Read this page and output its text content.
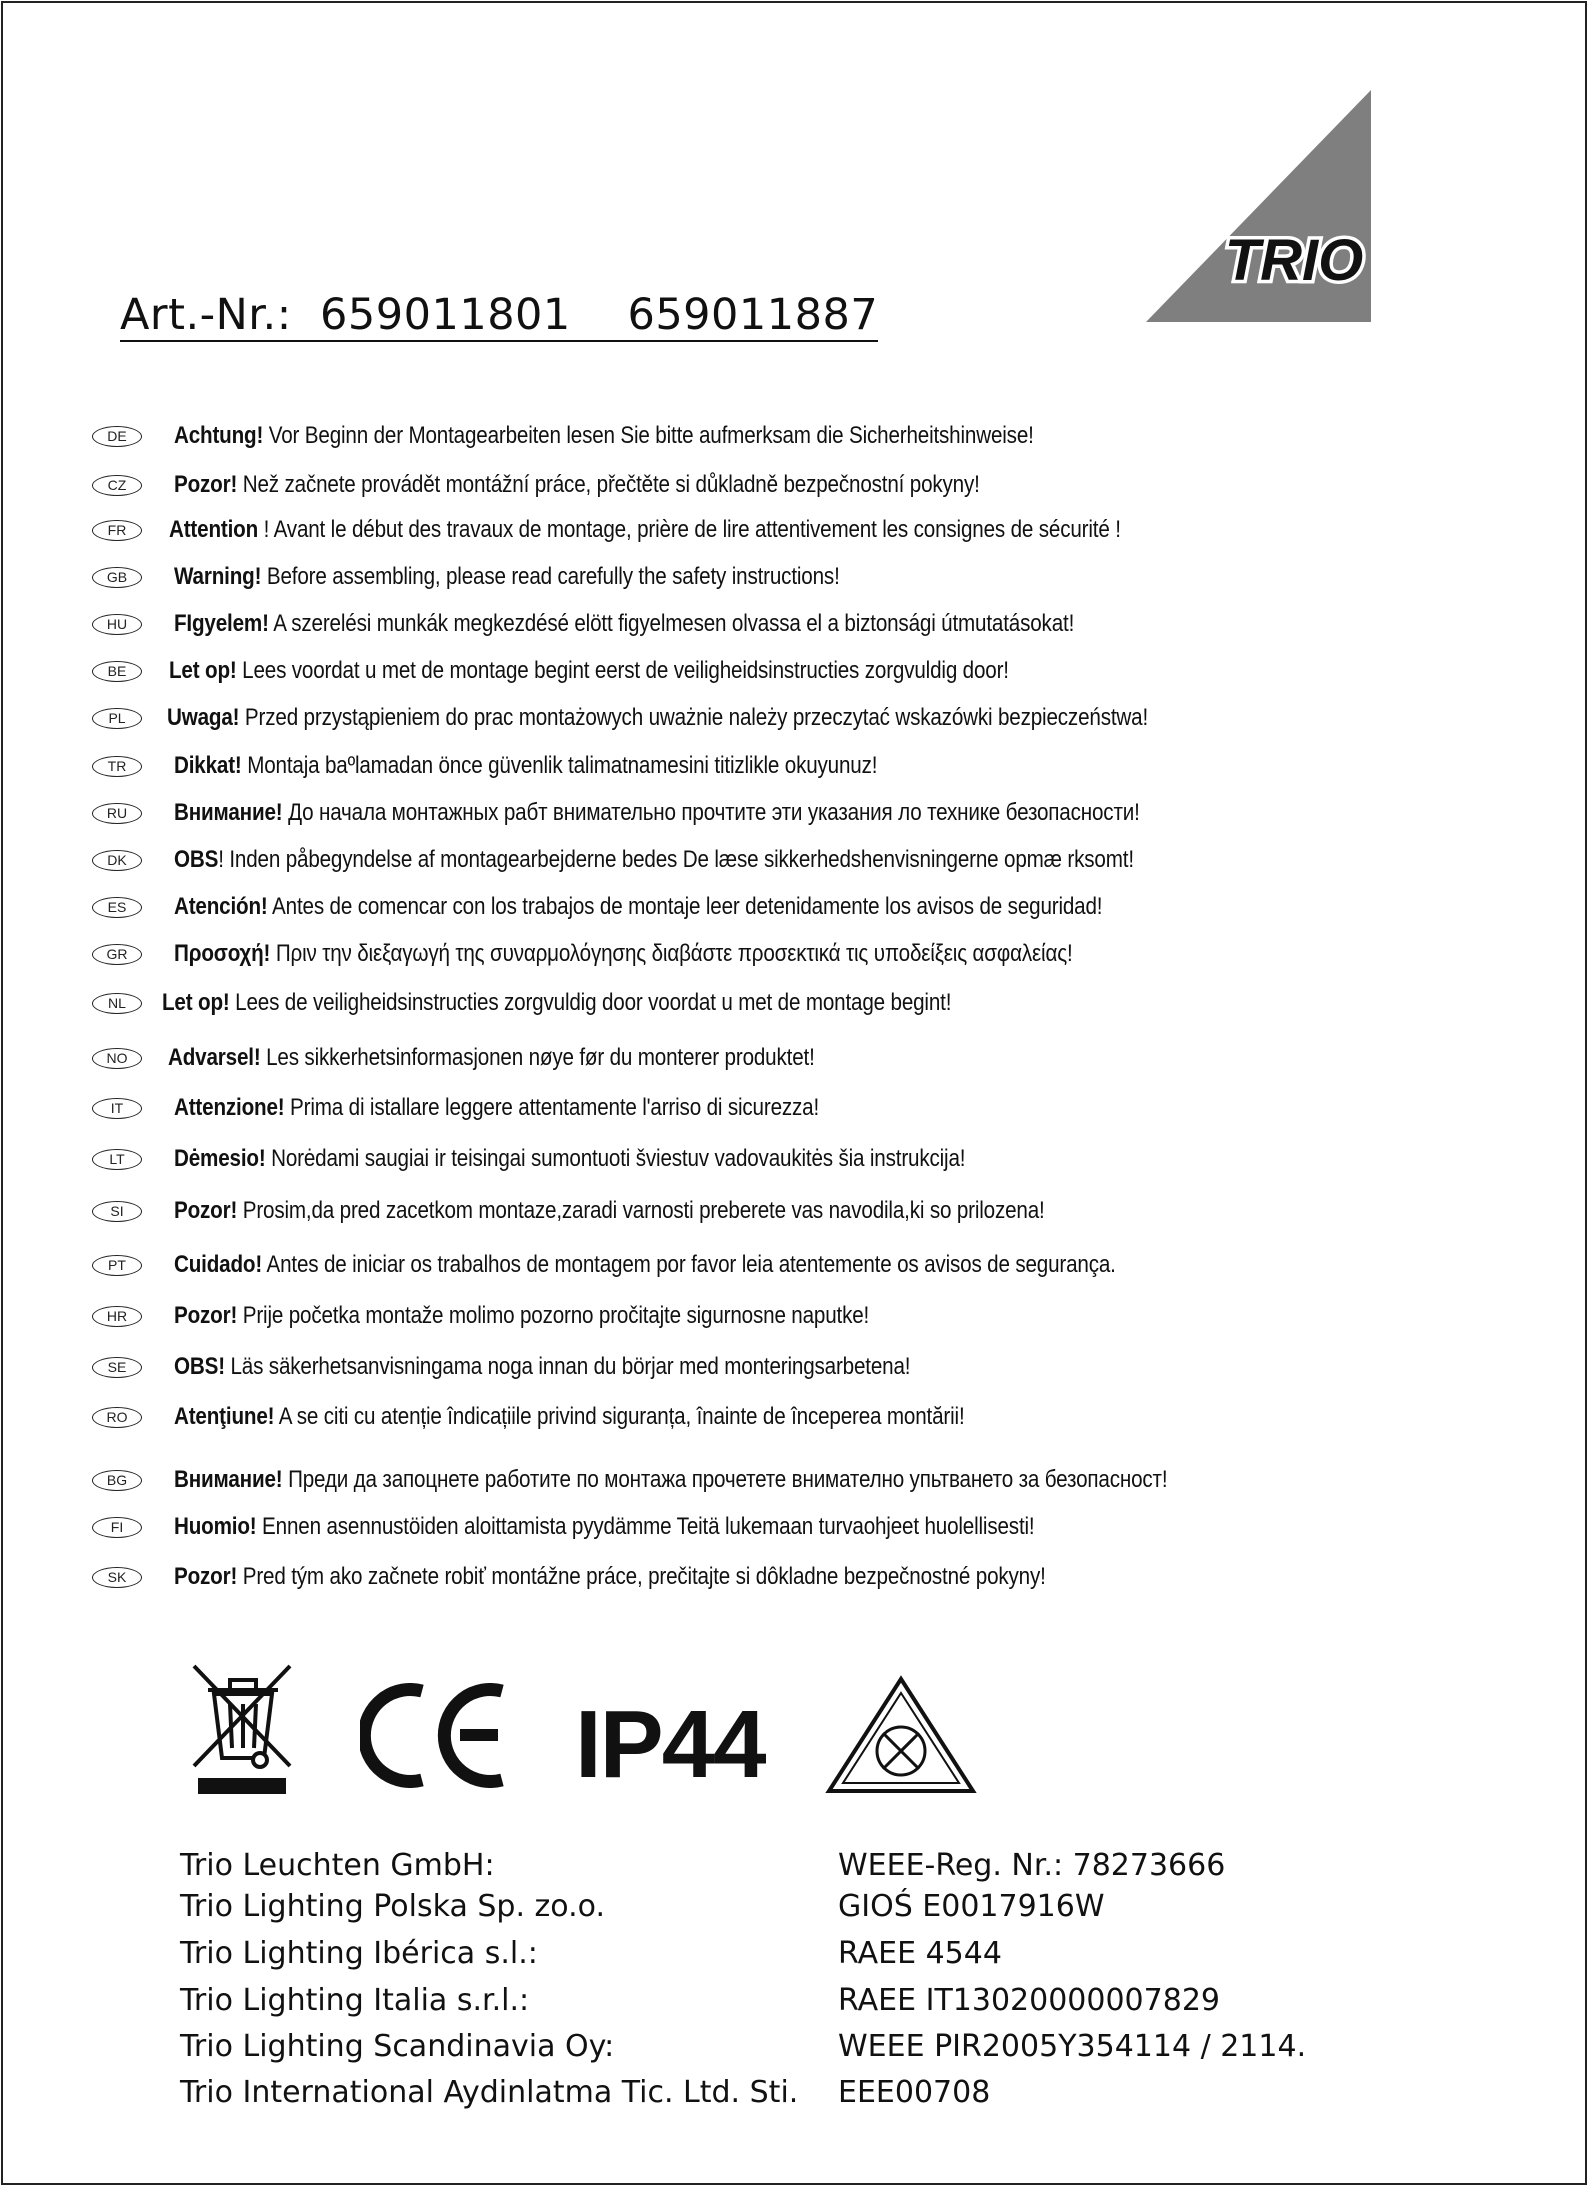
TRIO
Art.-Nr.: 659011801 659011887
DE	Achtung! Vor Beginn der Montagearbeiten lesen Sie bitte aufmerksam die Sicherheitshinweise!
CZ	Pozor! Než začnete provádět montážní práce, přečtěte si důkladně bezpečnostní pokyny!
FR	Attention ! Avant le début des travaux de montage, prière de lire attentivement les consignes de sécurité !
GB	Warning! Before assembling, please read carefully the safety instructions!
HU	FIgyelem! A szerelési munkák megkezdésé elött figyelmesen olvassa el a biztonsági útmutatásokat!
BE	Let op! Lees voordat u met de montage begint eerst de veiligheidsinstructies zorgvuldig door!
PL	Uwaga! Przed przystąpieniem do prac montażowych uważnie należy przeczytać wskazówki bezpieczeństwa!
TR	Dikkat! Montaja baºlamadan önce güvenlik talimatnamesini titizlikle okuyunuz!
RU	Внимание! До начала монтажных рабт внимательно прочтите эти указания ло технике безопасности!
DK	OBS! Inden påbegyndelse af montagearbejderne bedes De læse sikkerhedshenvisningerne opmæ rksomt!
ES	Atención! Antes de comencar con los trabajos de montaje leer detenidamente los avisos de seguridad!
GR	Προσοχή! Πριν την διεξαγωγή της συναρμολόγησης διαβάστε προσεκτικά τις υποδείξεις ασφαλείας!
NL	Let op! Lees de veiligheidsinstructies zorgvuldig door voordat u met de montage begint!
NO	Advarsel! Les sikkerhetsinformasjonen nøye før du monterer produktet!
IT	Attenzione! Prima di istallare leggere attentamente l'arriso di sicurezza!
LT	Dėmesio! Norėdami saugiai ir teisingai sumontuoti šviestuv vadovaukitės šia instrukcija!
SI	Pozor! Prosim,da pred zacetkom montaze,zaradi varnosti preberete vas navodila,ki so prilozena!
PT	Cuidado! Antes de iniciar os trabalhos de montagem por favor leia atentemente os avisos de segurança.
HR	Pozor! Prije početka montaže molimo pozorno pročitajte sigurnosne naputke!
SE	OBS! Läs säkerhetsanvisningama noga innan du börjar med monteringsarbetena!
RO	Atenţiune! A se citi cu atenție îndicațiile privind siguranța, înainte de începerea montării!
BG	Внимание! Преди да запоцнете работите по монтажа прочетете внимателно упьтването за безопасност!
FI	Huomio! Ennen asennustöiden aloittamista pyydämme Teitä lukemaan turvaohjeet huolellisesti!
SK	Pozor! Pred tým ako začnete robiť montážne práce, prečitajte si dôkladne bezpečnostné pokyny!
IP44
Trio Leuchten GmbH:	WEEE-Reg. Nr.: 78273666
Trio Lighting Polska Sp. zo.o.	GIOŚ E0017916W
Trio Lighting Ibérica s.l.:	RAEE 4544
Trio Lighting Italia s.r.l.:	RAEE IT13020000007829
Trio Lighting Scandinavia Oy:	WEEE PIR2005Y354114 / 2114.
Trio International Aydinlatma Tic. Ltd. Sti. EEE00708
